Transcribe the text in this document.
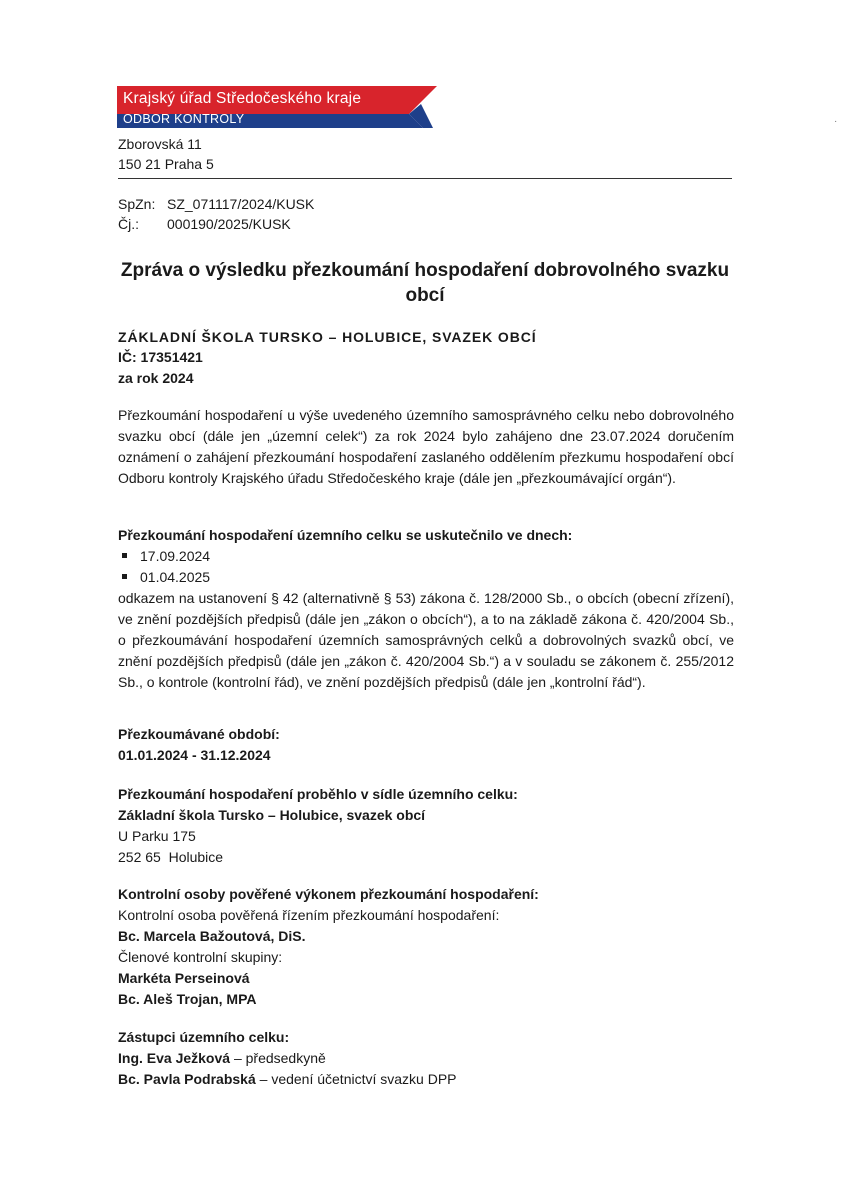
Krajský úřad Středočeského kraje
ODBOR KONTROLY	·
Zborovská 11
150 21 Praha 5
SpZn: SZ_071117/2024/KUSK
Čj.: 000190/2025/KUSK
Zpráva o výsledku přezkoumání hospodaření dobrovolného svazku obcí
ZÁKLADNÍ ŠKOLA TURSKO – HOLUBICE, SVAZEK OBCÍ
IČ: 17351421
za rok 2024
Přezkoumání hospodaření u výše uvedeného územního samosprávného celku nebo dobrovolného svazku obcí (dále jen „územní celek“) za rok 2024 bylo zahájeno dne 23.07.2024 doručením oznámení o zahájení přezkoumání hospodaření zaslaného oddělením přezkumu hospodaření obcí Odboru kontroly Krajského úřadu Středočeského kraje (dále jen „přezkoumávající orgán“).
Přezkoumání hospodaření územního celku se uskutečnilo ve dnech:
17.09.2024
01.04.2025
odkazem na ustanovení § 42 (alternativně § 53) zákona č. 128/2000 Sb., o obcích (obecní zřízení), ve znění pozdějších předpisů (dále jen „zákon o obcích“), a to na základě zákona č. 420/2004 Sb., o přezkoumávání hospodaření územních samosprávných celků a dobrovolných svazků obcí, ve znění pozdějších předpisů (dále jen „zákon č. 420/2004 Sb.“) a v souladu se zákonem č. 255/2012 Sb., o kontrole (kontrolní řád), ve znění pozdějších předpisů (dále jen „kontrolní řád“).
Přezkoumávané období:
01.01.2024 - 31.12.2024
Přezkoumání hospodaření proběhlo v sídle územního celku:
Základní škola Tursko – Holubice, svazek obcí
U Parku 175
252 65  Holubice
Kontrolní osoby pověřené výkonem přezkoumání hospodaření:
Kontrolní osoba pověřená řízením přezkoumání hospodaření:
Bc. Marcela Bažoutová, DiS.
Členové kontrolní skupiny:
Markéta Perseinová
Bc. Aleš Trojan, MPA
Zástupci územního celku:
Ing. Eva Ježková – předsedkyně
Bc. Pavla Podrabská – vedení účetnictví svazku DPP
